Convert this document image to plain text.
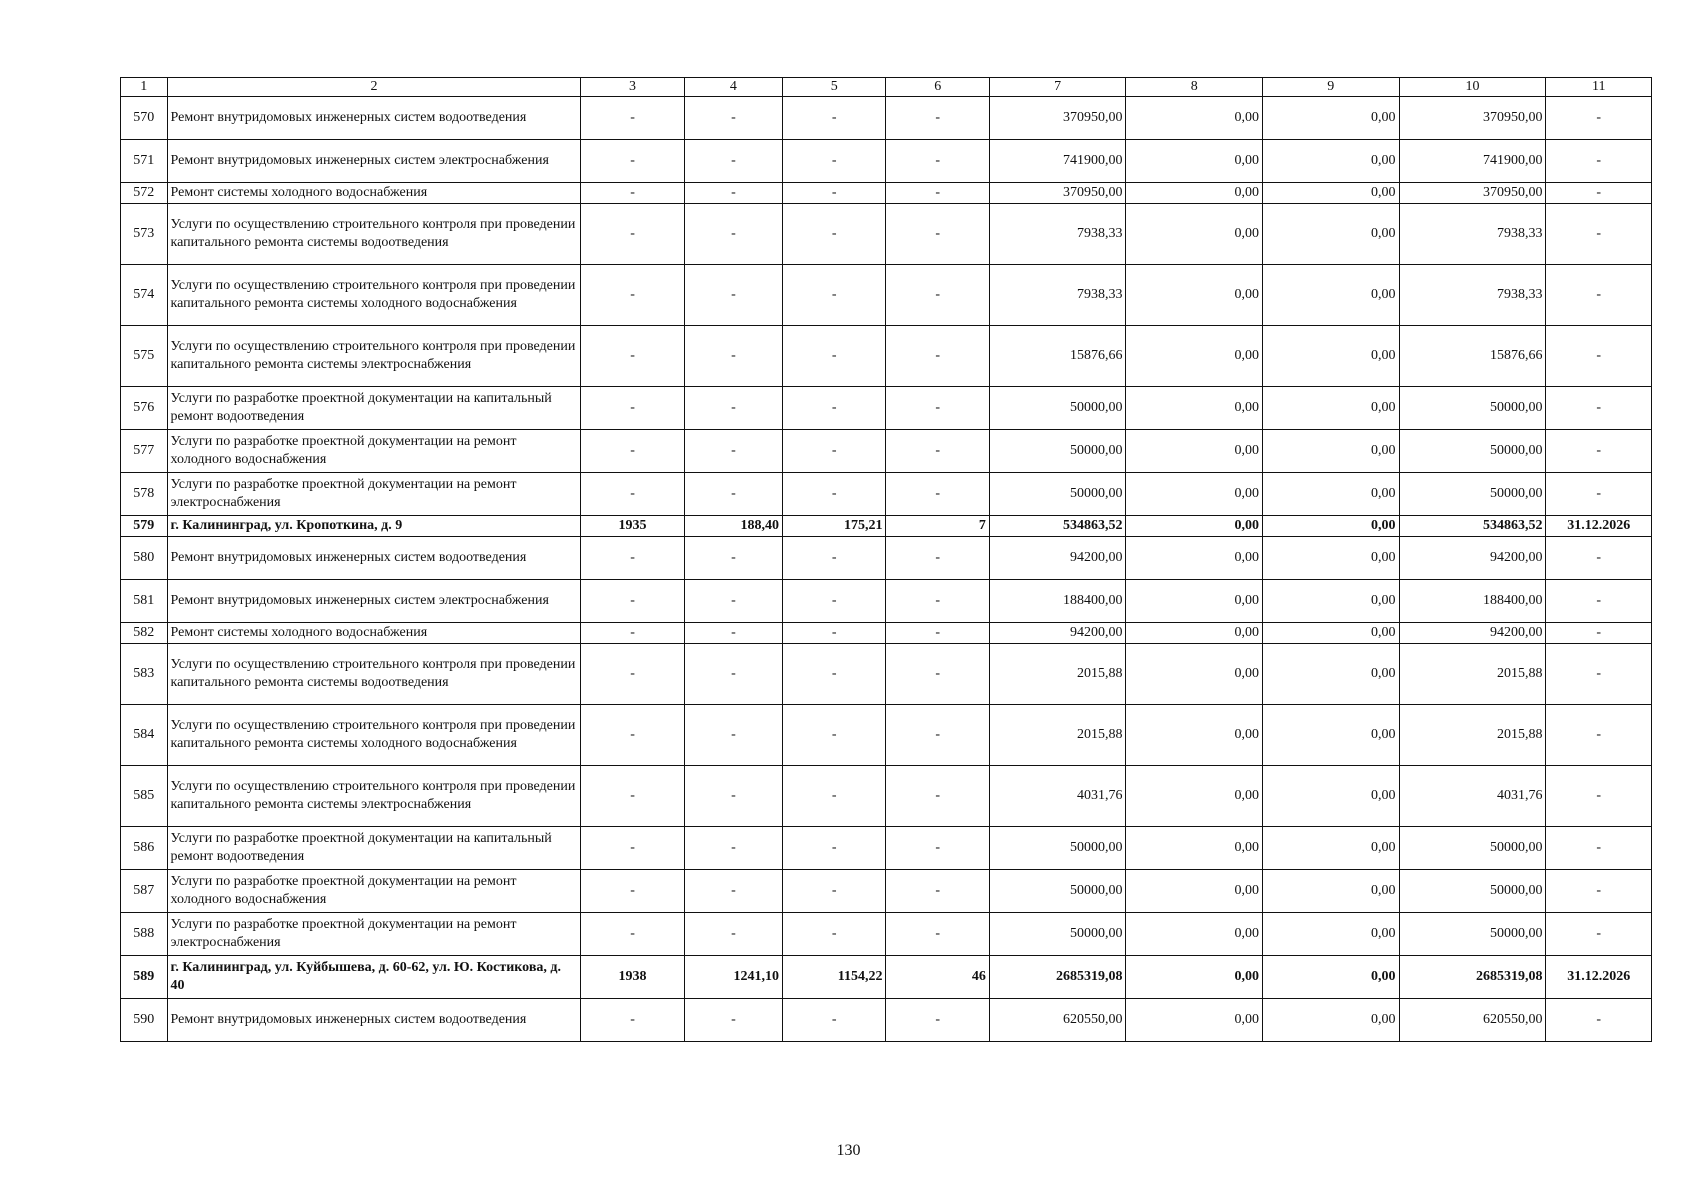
1	2	3	4	5	6	7	8	9	10	11
570	Ремонт внутридомовых инженерных систем водоотведения	-	-	-	-	370950,00	0,00	0,00	370950,00	-
571	Ремонт внутридомовых инженерных систем электроснабжения	-	-	-	-	741900,00	0,00	0,00	741900,00	-
572	Ремонт системы холодного водоснабжения	-	-	-	-	370950,00	0,00	0,00	370950,00	-
573	Услуги по осуществлению строительного контроля при проведении капитального ремонта системы водоотведения	-	-	-	-	7938,33	0,00	0,00	7938,33	-
574	Услуги по осуществлению строительного контроля при проведении капитального ремонта системы холодного водоснабжения	-	-	-	-	7938,33	0,00	0,00	7938,33	-
575	Услуги по осуществлению строительного контроля при проведении капитального ремонта системы электроснабжения	-	-	-	-	15876,66	0,00	0,00	15876,66	-
576	Услуги по разработке проектной документации на капитальный ремонт водоотведения	-	-	-	-	50000,00	0,00	0,00	50000,00	-
577	Услуги по разработке проектной документации на ремонт холодного водоснабжения	-	-	-	-	50000,00	0,00	0,00	50000,00	-
578	Услуги по разработке проектной документации на ремонт электроснабжения	-	-	-	-	50000,00	0,00	0,00	50000,00	-
579	г. Калининград, ул. Кропоткина, д. 9	1935	188,40	175,21	7	534863,52	0,00	0,00	534863,52	31.12.2026
580	Ремонт внутридомовых инженерных систем водоотведения	-	-	-	-	94200,00	0,00	0,00	94200,00	-
581	Ремонт внутридомовых инженерных систем электроснабжения	-	-	-	-	188400,00	0,00	0,00	188400,00	-
582	Ремонт системы холодного водоснабжения	-	-	-	-	94200,00	0,00	0,00	94200,00	-
583	Услуги по осуществлению строительного контроля при проведении капитального ремонта системы водоотведения	-	-	-	-	2015,88	0,00	0,00	2015,88	-
584	Услуги по осуществлению строительного контроля при проведении капитального ремонта системы холодного водоснабжения	-	-	-	-	2015,88	0,00	0,00	2015,88	-
585	Услуги по осуществлению строительного контроля при проведении капитального ремонта системы электроснабжения	-	-	-	-	4031,76	0,00	0,00	4031,76	-
586	Услуги по разработке проектной документации на капитальный ремонт водоотведения	-	-	-	-	50000,00	0,00	0,00	50000,00	-
587	Услуги по разработке проектной документации на ремонт холодного водоснабжения	-	-	-	-	50000,00	0,00	0,00	50000,00	-
588	Услуги по разработке проектной документации на ремонт электроснабжения	-	-	-	-	50000,00	0,00	0,00	50000,00	-
589	г. Калининград, ул. Куйбышева, д. 60-62, ул. Ю. Костикова, д. 40	1938	1241,10	1154,22	46	2685319,08	0,00	0,00	2685319,08	31.12.2026
590	Ремонт внутридомовых инженерных систем водоотведения	-	-	-	-	620550,00	0,00	0,00	620550,00	-
130
